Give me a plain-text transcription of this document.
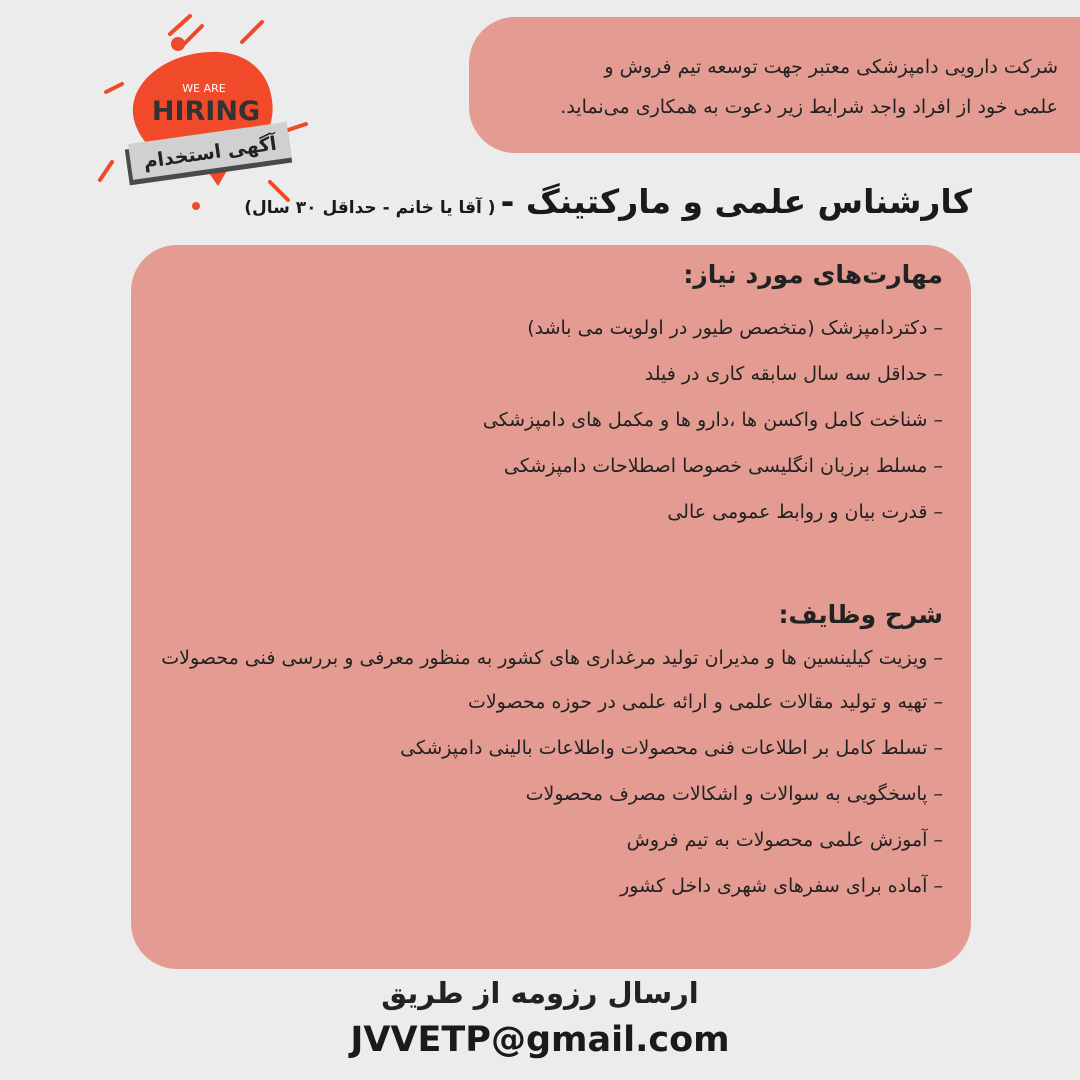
شرکت دارویی دامپزشکی معتبر جهت توسعه تیم فروش و
علمی خود از افراد واجد شرایط زیر دعوت به همکاری می‌نماید.
WE ARE
HIRING
آگهی استخدام
کارشناس علمی و مارکتینگ - ( آقا یا خانم - حداقل ۳۰ سال)
مهارت‌های مورد نیاز:
– دکتردامپزشک (متخصص طیور در اولویت می باشد)
– حداقل سه سال سابقه کاری در فیلد
– شناخت کامل واکسن ها ،دارو ها و مکمل های دامپزشکی
– مسلط برزبان انگلیسی خصوصا اصطلاحات دامپزشکی
– قدرت بیان و روابط عمومی عالی
شرح وظایف:
– ویزیت کیلینسین ها و مدیران تولید مرغداری های کشور به منظور معرفی و بررسی فنی محصولات
– تهیه و تولید مقالات علمی و ارائه علمی در حوزه محصولات
– تسلط کامل بر اطلاعات فنی محصولات واطلاعات بالینی دامپزشکی
– پاسخگویی به سوالات و اشکالات مصرف محصولات
– آموزش علمی محصولات به تیم فروش
– آماده برای سفرهای شهری داخل کشور
ارسال رزومه از طریق
JVVETP@gmail.com
